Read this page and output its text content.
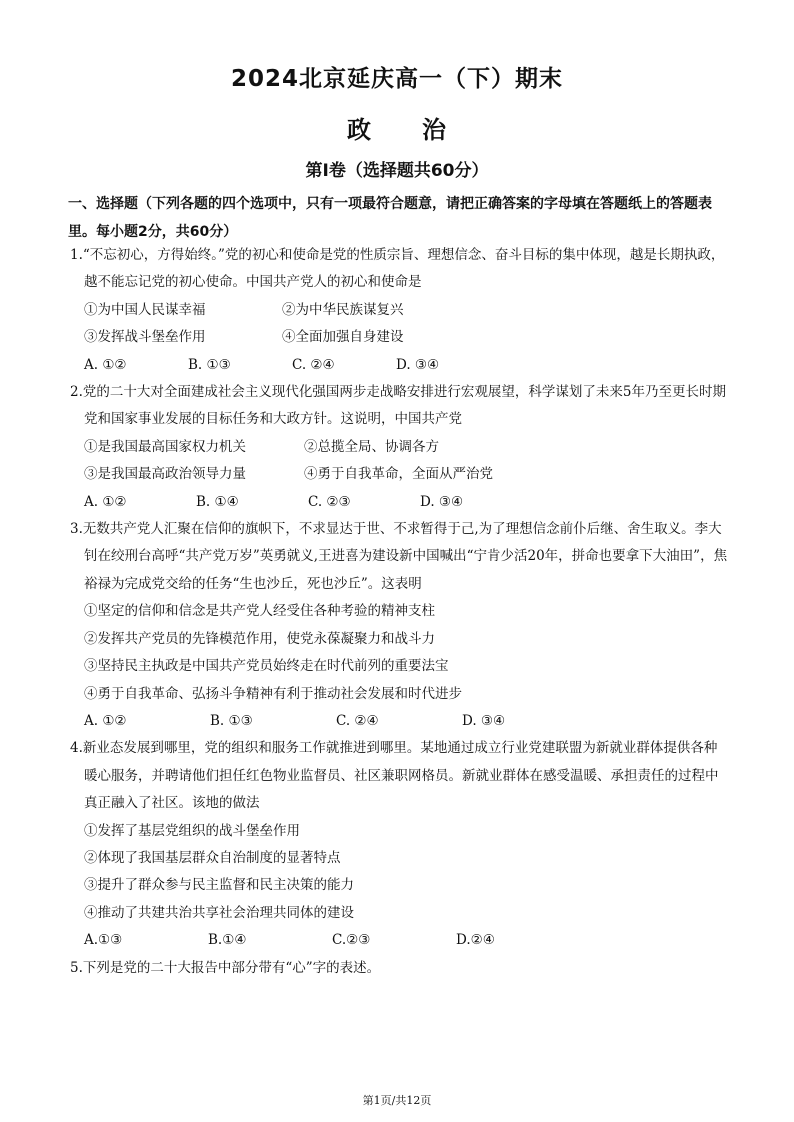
2024北京延庆高一（下）期末
政　　治
第Ⅰ卷（选择题共60分）
一、选择题（下列各题的四个选项中，只有一项最符合题意，请把正确答案的字母填在答题纸上的答题表里。每小题2分，共60分）

1.“不忘初心，方得始终。”党的初心和使命是党的性质宗旨、理想信念、奋斗目标的集中体现，越是长期执政，越不能忘记党的初心使命。中国共产党人的初心和使命是

①为中国人民谋幸福	②为中华民族谋复兴

③发挥战斗堡垒作用	④全面加强自身建设

A. ①②	B. ①③	C. ②④	D. ③④

2.党的二十大对全面建成社会主义现代化强国两步走战略安排进行宏观展望，科学谋划了未来5年乃至更长时期党和国家事业发展的目标任务和大政方针。这说明，中国共产党

①是我国最高国家权力机关	②总揽全局、协调各方

③是我国最高政治领导力量	④勇于自我革命，全面从严治党

A. ①②	B. ①④	C. ②③	D. ③④

3.无数共产党人汇聚在信仰的旗帜下，不求显达于世、不求暂得于己,为了理想信念前仆后继、舍生取义。李大钊在绞刑台高呼“共产党万岁”英勇就义,王进喜为建设新中国喊出“宁肯少活20年，拼命也要拿下大油田”，焦裕禄为完成党交给的任务“生也沙丘，死也沙丘”。这表明

①坚定的信仰和信念是共产党人经受住各种考验的精神支柱

②发挥共产党员的先锋模范作用，使党永葆凝聚力和战斗力

③坚持民主执政是中国共产党员始终走在时代前列的重要法宝

④勇于自我革命、弘扬斗争精神有利于推动社会发展和时代进步

A. ①②	B. ①③	C. ②④	D. ③④

4.新业态发展到哪里，党的组织和服务工作就推进到哪里。某地通过成立行业党建联盟为新就业群体提供各种暖心服务，并聘请他们担任红色物业监督员、社区兼职网格员。新就业群体在感受温暖、承担责任的过程中真正融入了社区。该地的做法

①发挥了基层党组织的战斗堡垒作用

②体现了我国基层群众自治制度的显著特点

③提升了群众参与民主监督和民主决策的能力

④推动了共建共治共享社会治理共同体的建设

A.①③	B.①④	C.②③	D.②④

5.下列是党的二十大报告中部分带有“心”字的表述。

第1页/共12页
